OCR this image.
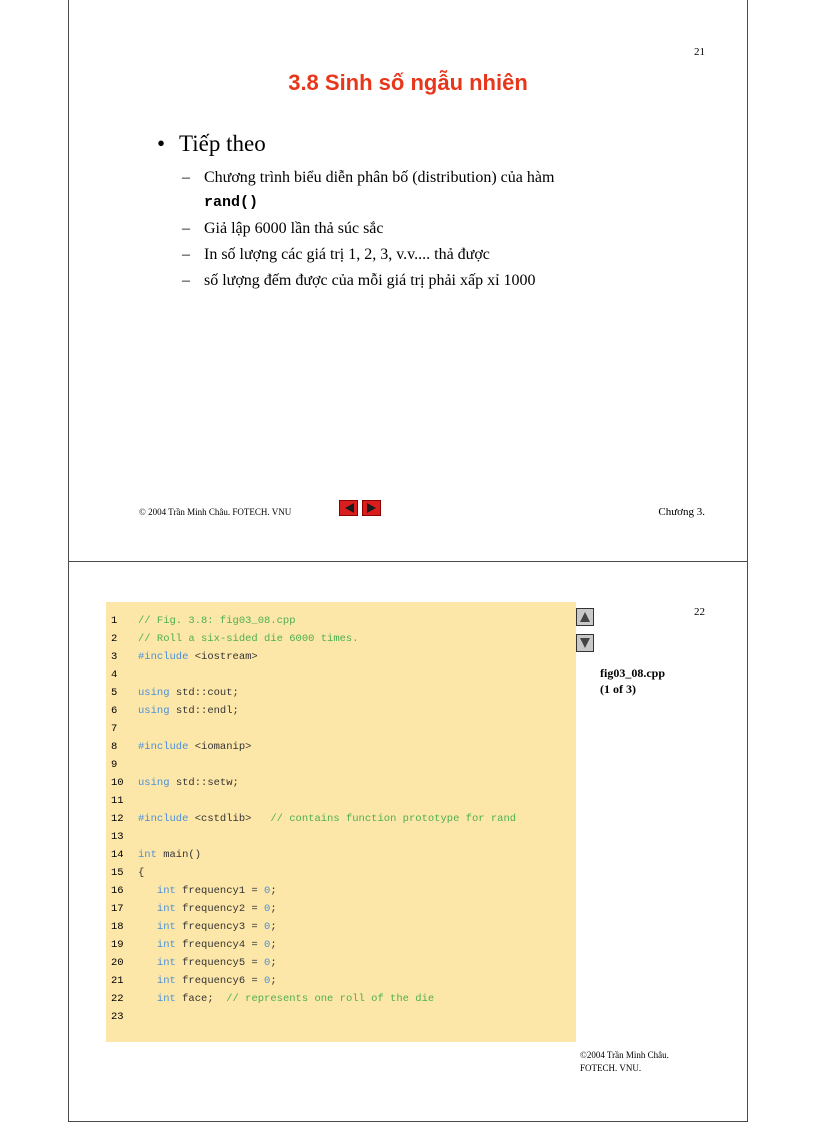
21
3.8 Sinh số ngẫu nhiên
• Tiếp theo
– Chương trình biểu diễn phân bố (distribution) của hàm
rand()
– Giả lập 6000 lần thả súc sắc
– In số lượng các giá trị 1, 2, 3, v.v.... thả được
– số lượng đếm được của mỗi giá trị phải xấp xỉ 1000
© 2004 Trần Minh Châu. FOTECH. VNU	Chương 3.
22
1 // Fig. 3.8: fig03_08.cpp
2 // Roll a six-sided die 6000 times.
3 #include <iostream>
4
5 using std::cout;
6 using std::endl;
7
8 #include <iomanip>
9
10 using std::setw;
11
12 #include <cstdlib>   // contains function prototype for rand
13
14 int main()
15 {
16	int frequency1 = 0;
17	int frequency2 = 0;
18	int frequency3 = 0;
19	int frequency4 = 0;
20	int frequency5 = 0;
21	int frequency6 = 0;
22	int face;  // represents one roll of the die
23
fig03_08.cpp
(1 of 3)
©2004 Trần Minh Châu.
FOTECH. VNU.
